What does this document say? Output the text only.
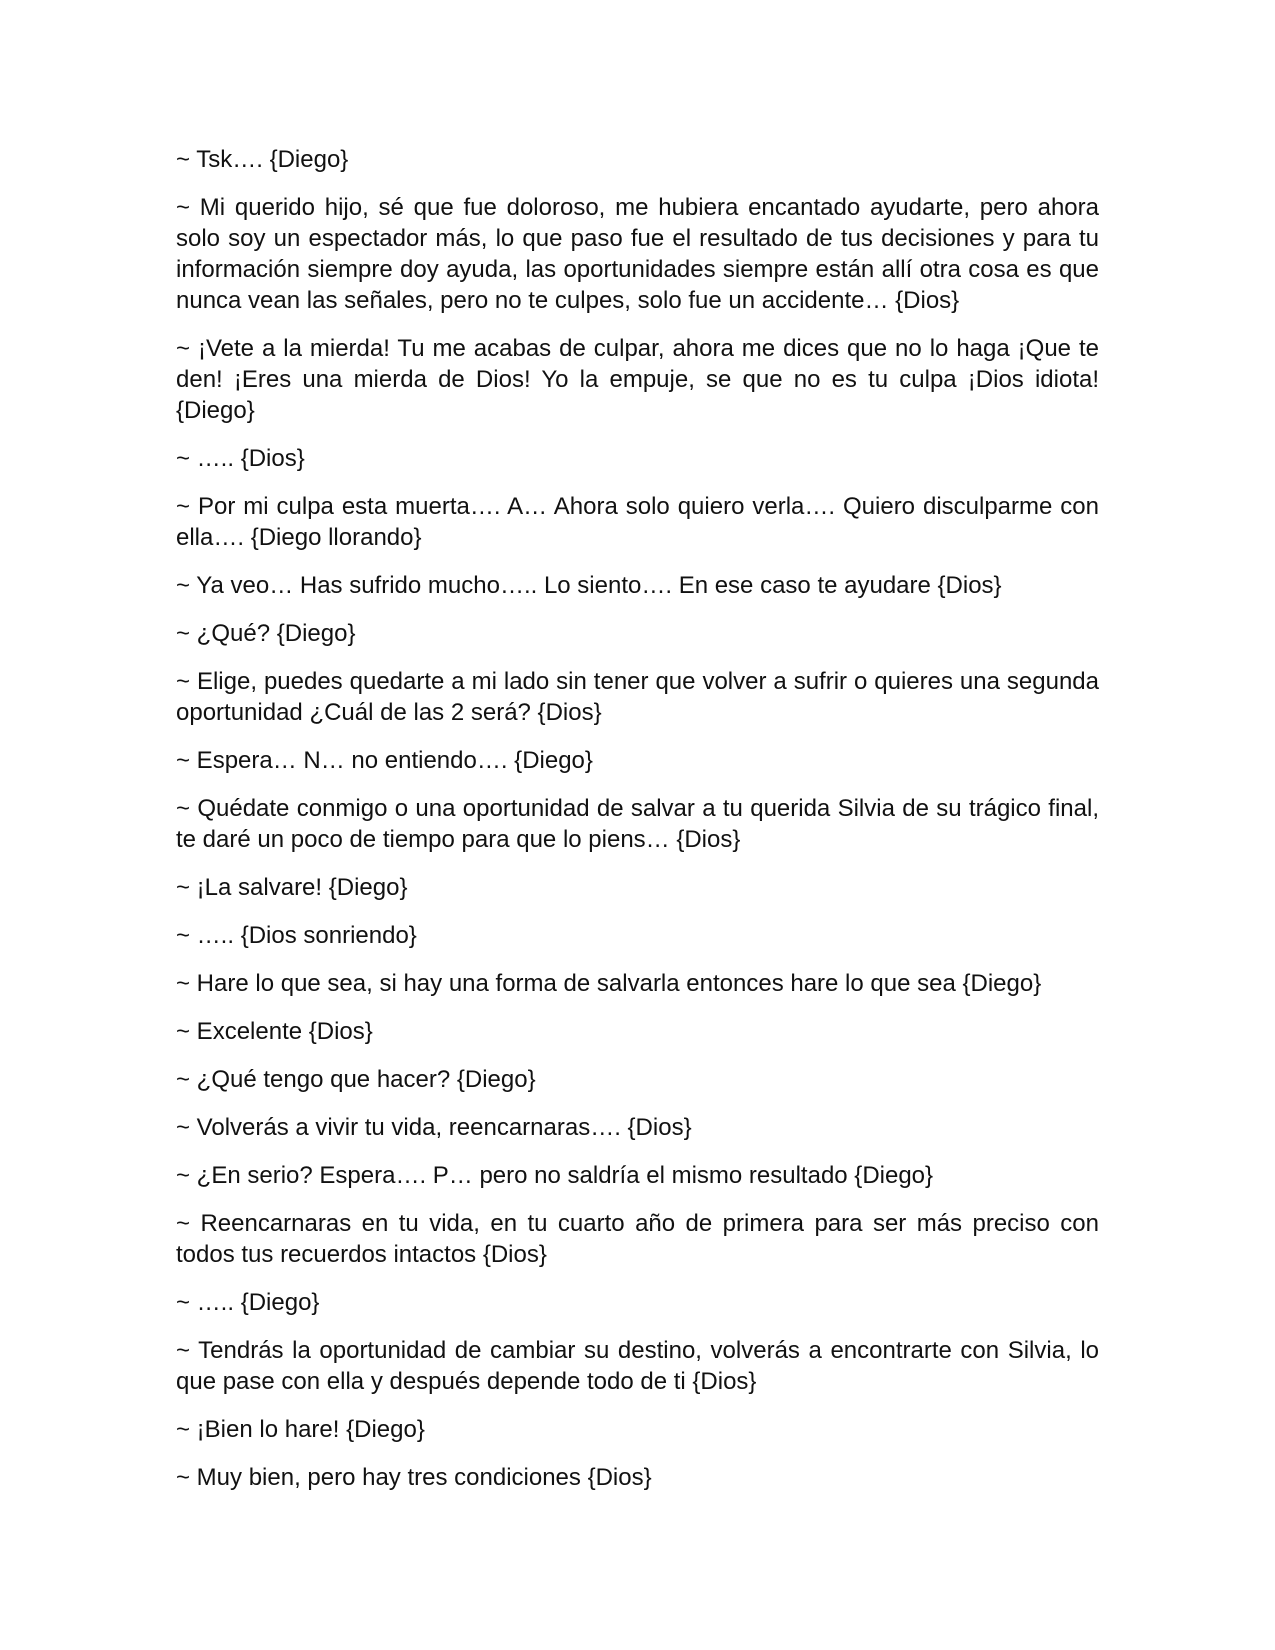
~ Tsk…. {Diego}

~ Mi querido hijo, sé que fue doloroso, me hubiera encantado ayudarte, pero ahora solo soy un espectador más, lo que paso fue el resultado de tus decisiones y para tu información siempre doy ayuda, las oportunidades siempre están allí otra cosa es que nunca vean las señales, pero no te culpes, solo fue un accidente… {Dios}

~ ¡Vete a la mierda! Tu me acabas de culpar, ahora me dices que no lo haga ¡Que te den! ¡Eres una mierda de Dios! Yo la empuje, se que no es tu culpa ¡Dios idiota! {Diego}

~ ….. {Dios}

~ Por mi culpa esta muerta…. A… Ahora solo quiero verla…. Quiero disculparme con ella…. {Diego llorando}

~ Ya veo… Has sufrido mucho….. Lo siento…. En ese caso te ayudare {Dios}

~ ¿Qué? {Diego}

~ Elige, puedes quedarte a mi lado sin tener que volver a sufrir o quieres una segunda oportunidad ¿Cuál de las 2 será? {Dios}

~ Espera… N… no entiendo…. {Diego}

~ Quédate conmigo o una oportunidad de salvar a tu querida Silvia de su trágico final, te daré un poco de tiempo para que lo piens… {Dios}

~ ¡La salvare! {Diego}

~ ….. {Dios sonriendo}

~ Hare lo que sea, si hay una forma de salvarla entonces hare lo que sea {Diego}

~ Excelente {Dios}

~ ¿Qué tengo que hacer? {Diego}

~ Volverás a vivir tu vida, reencarnaras…. {Dios}

~ ¿En serio? Espera…. P… pero no saldría el mismo resultado {Diego}

~ Reencarnaras en tu vida, en tu cuarto año de primera para ser más preciso con todos tus recuerdos intactos {Dios}

~ ….. {Diego}

~ Tendrás la oportunidad de cambiar su destino, volverás a encontrarte con Silvia, lo que pase con ella y después depende todo de ti {Dios}

~ ¡Bien lo hare! {Diego}

~ Muy bien, pero hay tres condiciones {Dios}
